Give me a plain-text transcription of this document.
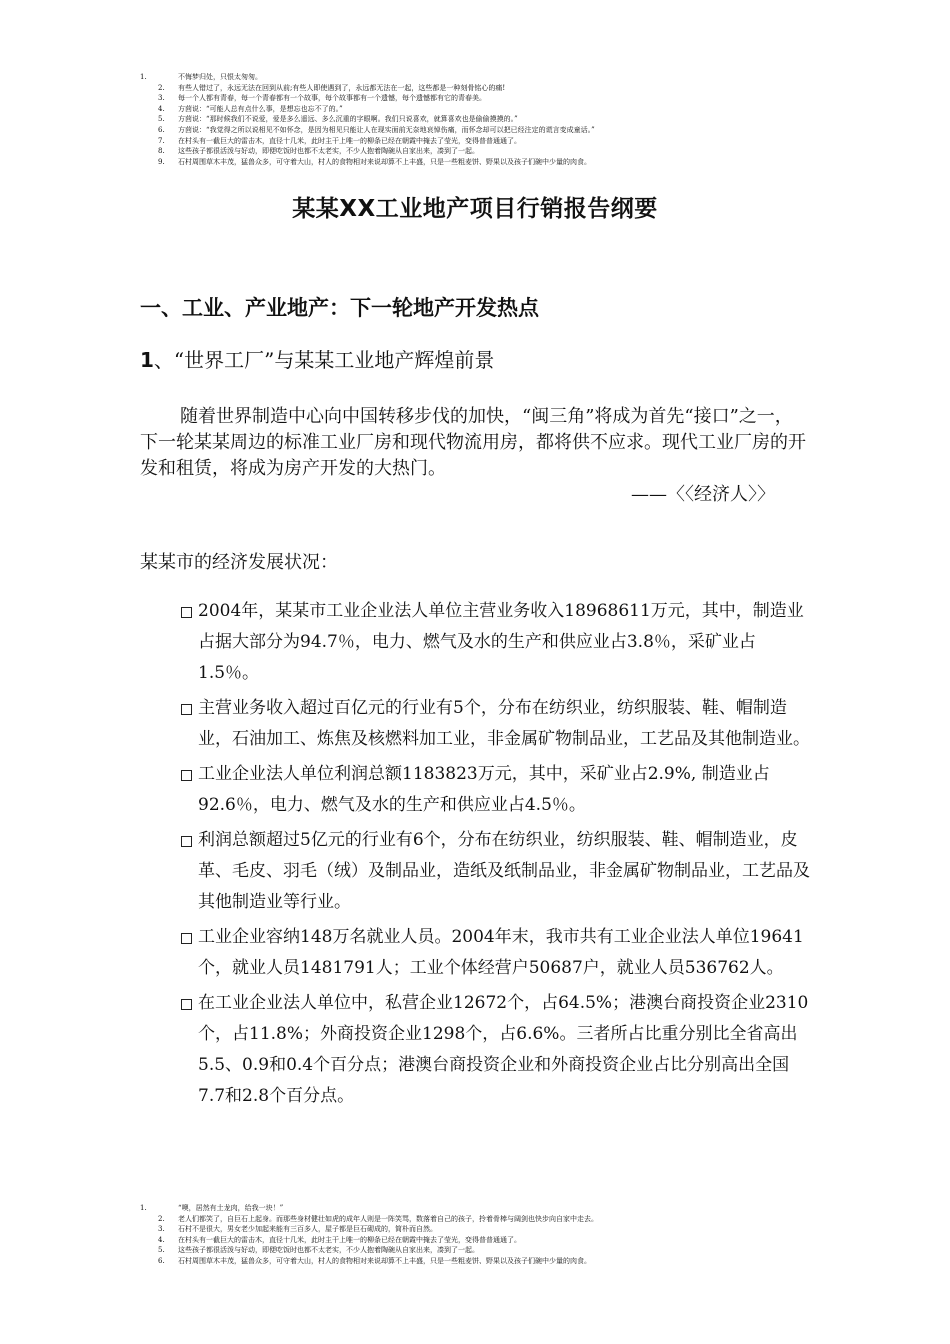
1.	不悔梦归处，只恨太匆匆。
2.	有些人错过了，永远无法在回到从前;有些人即使遇到了，永远都无法在一起，这些都是一种刻骨铭心的痛!
3.	每一个人都有青春，每一个青春都有一个故事，每个故事都有一个遗憾，每个遗憾都有它的青春美。
4.	方茴说：“可能人总有点什么事，是想忘也忘不了的。”
5.	方茴说：“那时候我们不说爱，爱是多么遥远、多么沉重的字眼啊。我们只说喜欢，就算喜欢也是偷偷摸摸的。”
6.	方茴说：“我觉得之所以说相见不如怀念，是因为相见只能让人在现实面前无奈地哀悼伤痛，而怀念却可以把已经注定的谎言变成童话。”
7.	在村头有一截巨大的雷击木，直径十几米，此时主干上唯一的柳条已经在朝霞中掩去了莹光，变得普普通通了。
8.	这些孩子都很活泼与好动，即便吃饭时也都不太老实，不少人抱着陶碗从自家出来，凑到了一起。
9.	石村周围草木丰茂，猛兽众多，可守着大山，村人的食物相对来说却算不上丰盛，只是一些粗麦饼、野果以及孩子们碗中少量的肉食。
某某XX工业地产项目行销报告纲要
一、工业、产业地产：下一轮地产开发热点
1、“世界工厂”与某某工业地产辉煌前景

随着世界制造中心向中国转移步伐的加快，“闽三角”将成为首先“接口”之一，下一轮某某周边的标准工业厂房和现代物流用房，都将供不应求。现代工业厂房的开发和租赁，将成为房产开发的大热门。

——〈〈经济人〉〉

某某市的经济发展状况：
2004年，某某市工业企业法人单位主营业务收入18968611万元，其中，制造业占据大部分为94.7％，电力、燃气及水的生产和供应业占3.8％，采矿业占1.5％。
主营业务收入超过百亿元的行业有5个，分布在纺织业，纺织服装、鞋、帽制造业，石油加工、炼焦及核燃料加工业，非金属矿物制品业，工艺品及其他制造业。
工业企业法人单位利润总额1183823万元，其中，采矿业占2.9%, 制造业占92.6％，电力、燃气及水的生产和供应业占4.5％。
利润总额超过5亿元的行业有6个，分布在纺织业，纺织服装、鞋、帽制造业，皮革、毛皮、羽毛（绒）及制品业，造纸及纸制品业，非金属矿物制品业，工艺品及其他制造业等行业。
工业企业容纳148万名就业人员。2004年末，我市共有工业企业法人单位19641个，就业人员1481791人；工业个体经营户50687户，就业人员536762人。
在工业企业法人单位中，私营企业12672个，占64.5%；港澳台商投资企业2310个，占11.8%；外商投资企业1298个，占6.6%。三者所占比重分别比全省高出5.5、0.9和0.4个百分点；港澳台商投资企业和外商投资企业占比分别高出全国7.7和2.8个百分点。
1.	“噢，居然有土龙肉，给我一块！”
2.	老人们都笑了，自巨石上起身。而那些身材健壮如虎的成年人则是一阵笑骂，数落着自己的孩子，拎着骨棒与阔剑也快步向自家中走去。
3.	石村不是很大，男女老少加起来能有三百多人，屋子都是巨石砌成的，简朴而自然。
4.	在村头有一截巨大的雷击木，直径十几米，此时主干上唯一的柳条已经在朝霞中掩去了莹光，变得普普通通了。
5.	这些孩子都很活泼与好动，即便吃饭时也都不太老实，不少人抱着陶碗从自家出来，凑到了一起。
6.	石村周围草木丰茂，猛兽众多，可守着大山，村人的食物相对来说却算不上丰盛，只是一些粗麦饼、野果以及孩子们碗中少量的肉食。
